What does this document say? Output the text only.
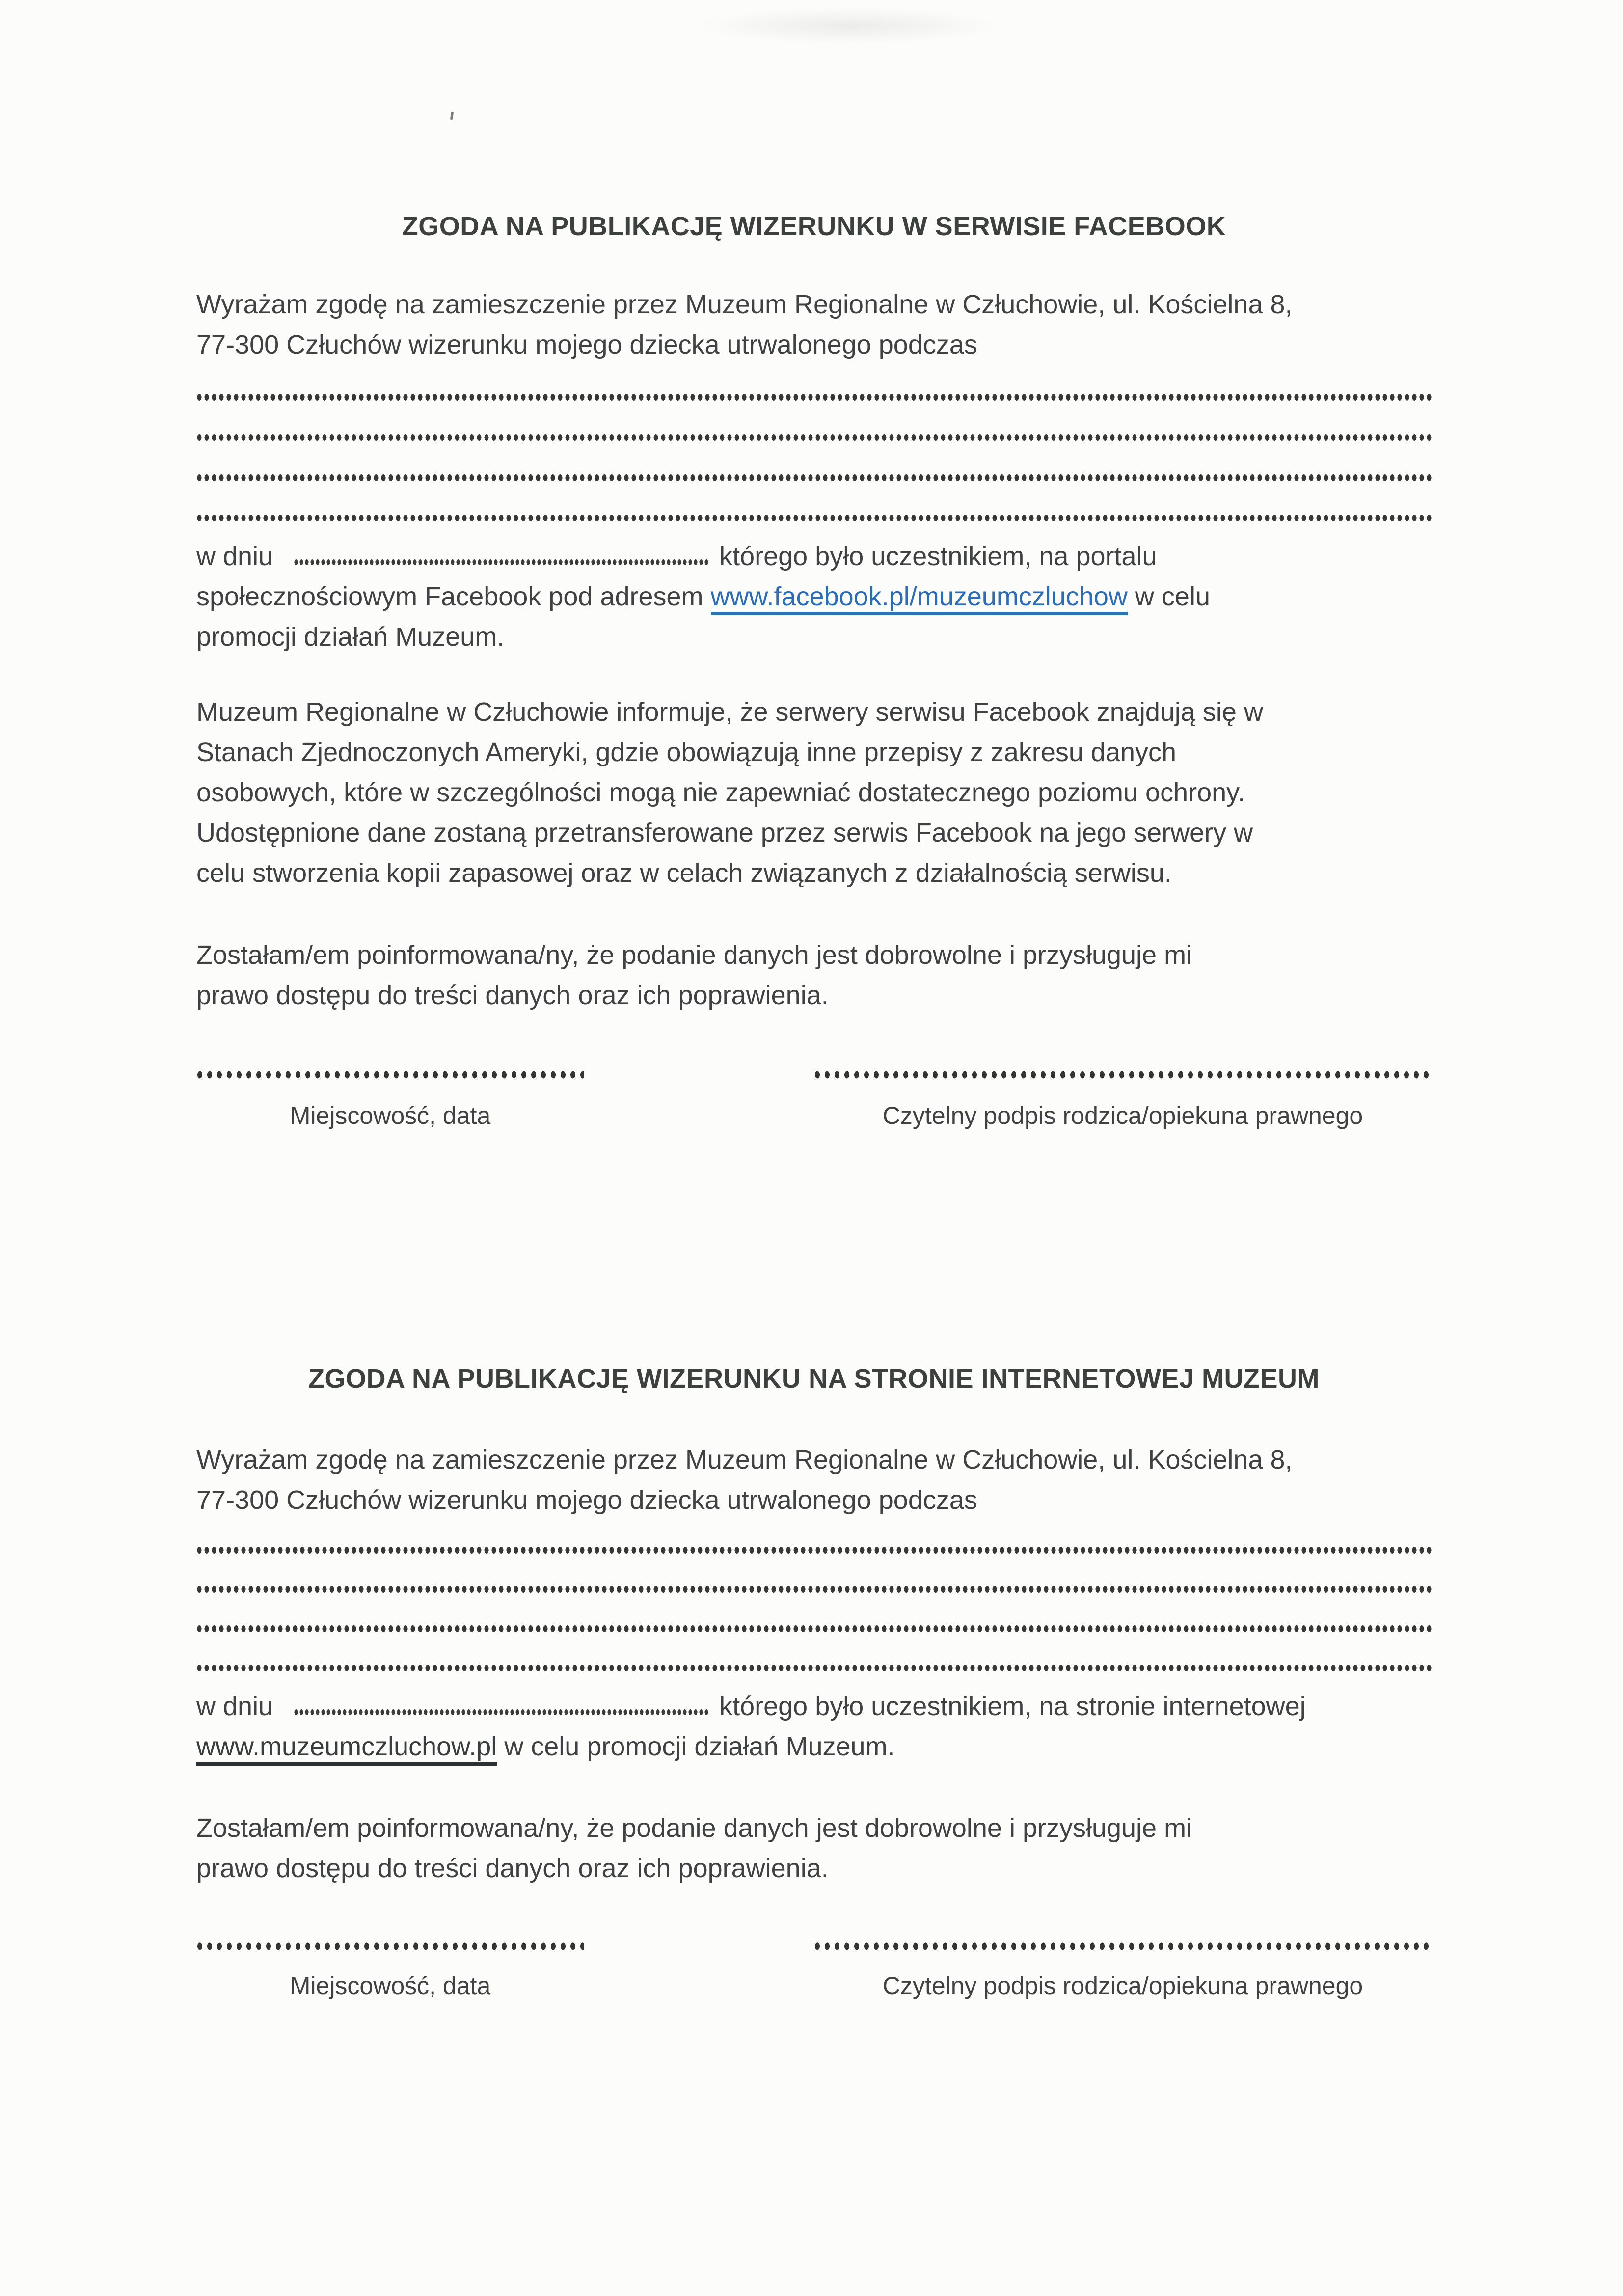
ZGODA NA PUBLIKACJĘ WIZERUNKU W SERWISIE FACEBOOK
Wyrażam zgodę na zamieszczenie przez Muzeum Regionalne w Człuchowie, ul. Kościelna 8,
77-300 Człuchów wizerunku mojego dziecka utrwalonego podczas
w dniu	którego było uczestnikiem, na portalu
społecznościowym Facebook pod adresem www.facebook.pl/muzeumczluchow w celu
promocji działań Muzeum.
Muzeum Regionalne w Człuchowie informuje, że serwery serwisu Facebook znajdują się w
Stanach Zjednoczonych Ameryki, gdzie obowiązują inne przepisy z zakresu danych
osobowych, które w szczególności mogą nie zapewniać dostatecznego poziomu ochrony.
Udostępnione dane zostaną przetransferowane przez serwis Facebook na jego serwery w
celu stworzenia kopii zapasowej oraz w celach związanych z działalnością serwisu.
Zostałam/em poinformowana/ny, że podanie danych jest dobrowolne i przysługuje mi
prawo dostępu do treści danych oraz ich poprawienia.
Miejscowość, data	Czytelny podpis rodzica/opiekuna prawnego
ZGODA NA PUBLIKACJĘ WIZERUNKU NA STRONIE INTERNETOWEJ MUZEUM
Wyrażam zgodę na zamieszczenie przez Muzeum Regionalne w Człuchowie, ul. Kościelna 8,
77-300 Człuchów wizerunku mojego dziecka utrwalonego podczas
w dniu	którego było uczestnikiem, na stronie internetowej
www.muzeumczluchow.pl w celu promocji działań Muzeum.
Zostałam/em poinformowana/ny, że podanie danych jest dobrowolne i przysługuje mi
prawo dostępu do treści danych oraz ich poprawienia.
Miejscowość, data	Czytelny podpis rodzica/opiekuna prawnego
